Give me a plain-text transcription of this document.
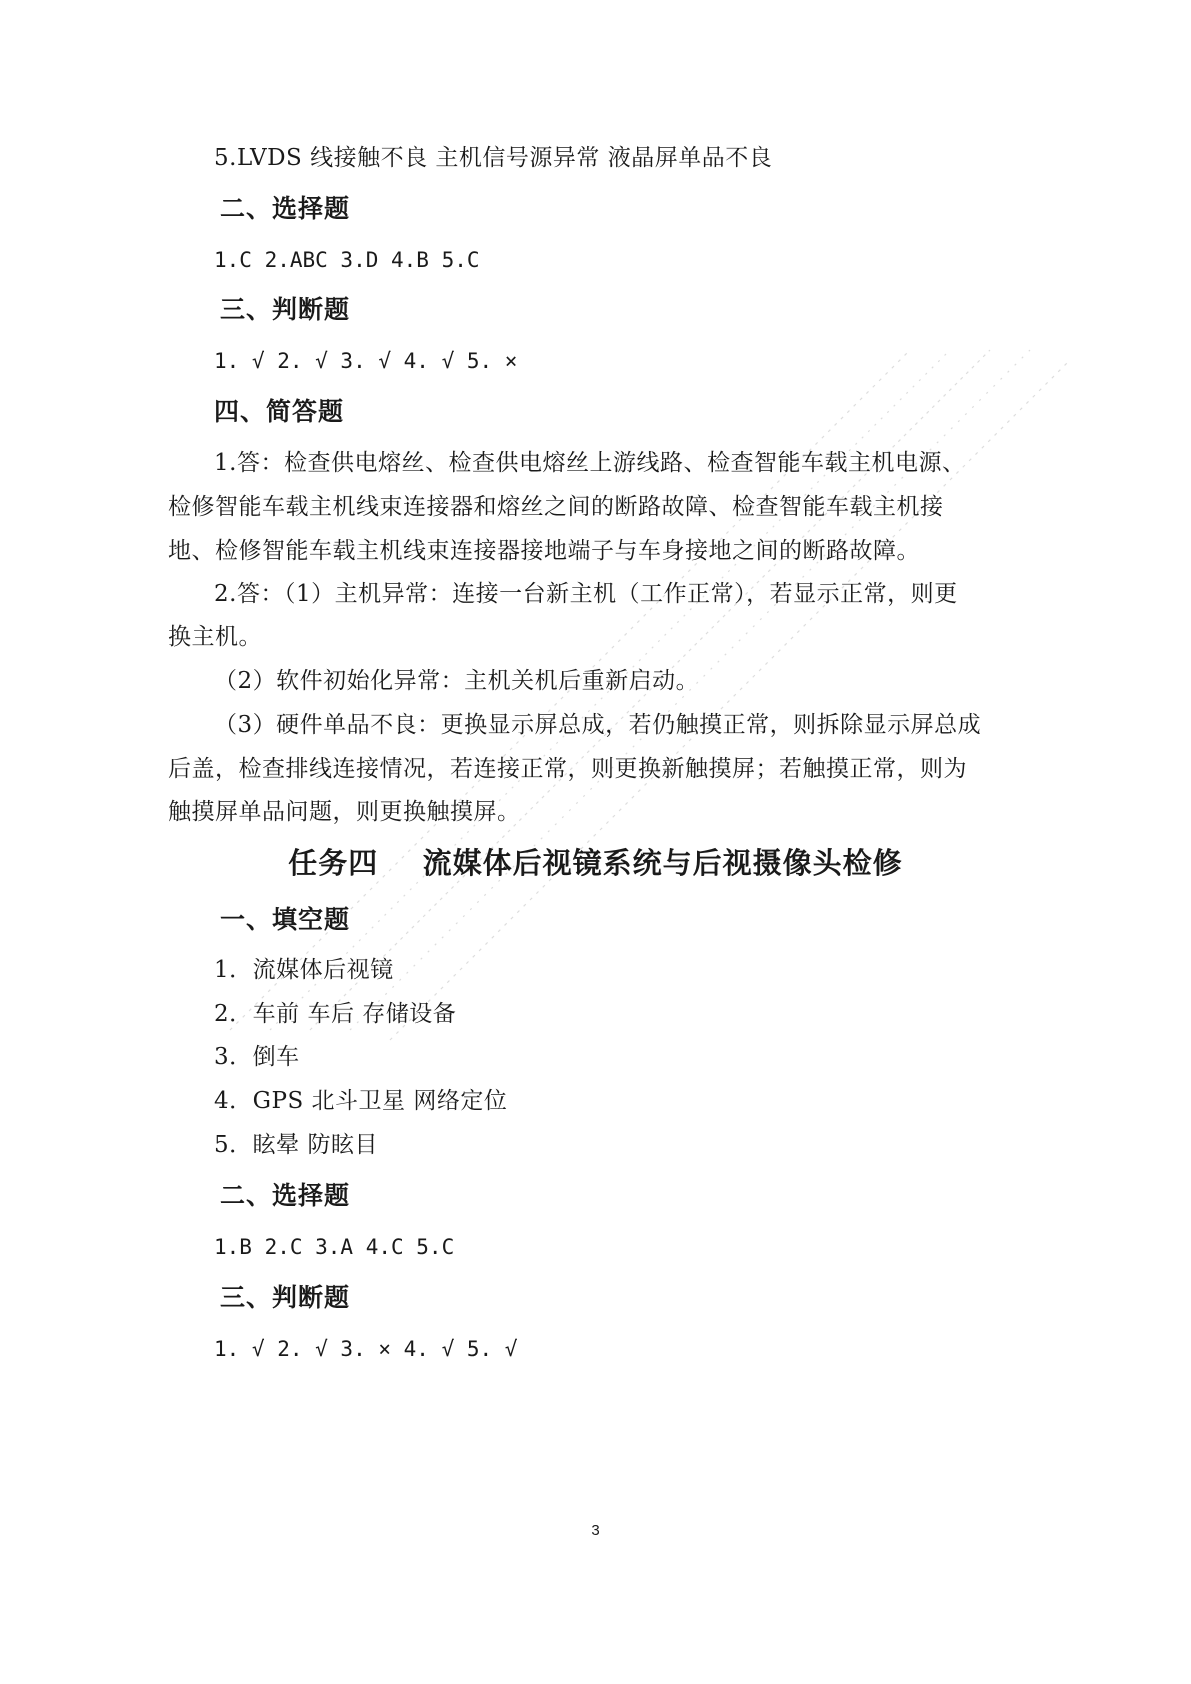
5.LVDS 线接触不良 主机信号源异常 液晶屏单品不良
二、选择题
1.C 2.ABC 3.D 4.B 5.C
三、判断题
1. √ 2. √ 3. √ 4. √ 5. ×
四、简答题
1.答：检查供电熔丝、检查供电熔丝上游线路、检查智能车载主机电源、
检修智能车载主机线束连接器和熔丝之间的断路故障、检查智能车载主机接
地、检修智能车载主机线束连接器接地端子与车身接地之间的断路故障。
2.答：（1）主机异常：连接一台新主机（工作正常），若显示正常，则更
换主机。
（2）软件初始化异常：主机关机后重新启动。
（3）硬件单品不良：更换显示屏总成，若仍触摸正常，则拆除显示屏总成
后盖，检查排线连接情况，若连接正常，则更换新触摸屏；若触摸正常，则为
触摸屏单品问题，则更换触摸屏。
任务四    流媒体后视镜系统与后视摄像头检修
一、填空题
1．流媒体后视镜
2．车前 车后 存储设备
3．倒车
4．GPS 北斗卫星 网络定位
5．眩晕 防眩目
二、选择题
1.B 2.C 3.A 4.C 5.C
三、判断题
1. √ 2. √ 3. × 4. √ 5. √
3
